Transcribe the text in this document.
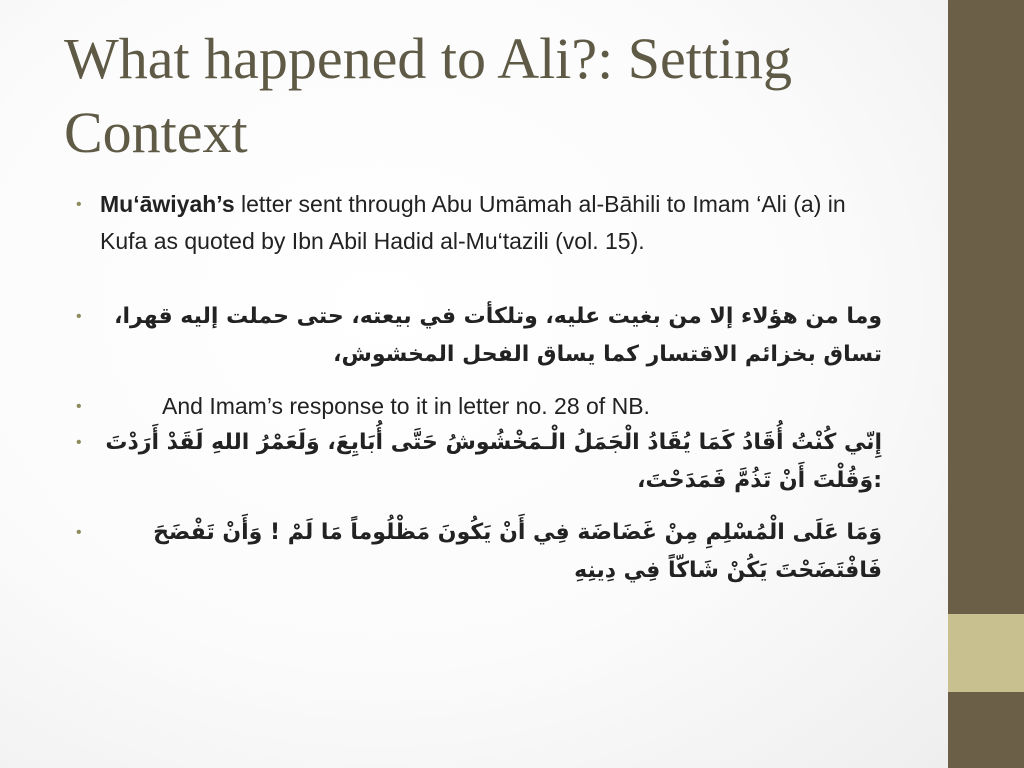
What happened to Ali?: Setting Context
• Mu‘āwiyah’s letter sent through Abu Umāmah al-Bāhili to Imam ‘Ali (a) in Kufa as quoted by Ibn Abil Hadid al-Mu‘tazili (vol. 15).
•	وما من هؤلاء إلا من بغيت عليه، وتلكأت في بيعته، حتى حملت إليه قهرا، تساق بخزائم الاقتسار كما يساق الفحل المخشوش،
•	And Imam’s response to it in letter no. 28 of NB.
• إِنّي كُنْتُ أُقَادُ كَمَا يُقَادُ الْجَمَلُ الْـمَخْشُوشُ حَتَّى أُبَايِعَ، وَلَعَمْرُ اللهِ لَقَدْ أَرَدْتَ :وَقُلْتَ أَنْ تَذُمَّ فَمَدَحْتَ،
•	وَمَا عَلَى الْمُسْلِمِ مِنْ غَضَاضَة فِي أَنْ يَكُونَ مَظْلُوماً مَا لَمْ ! وَأَنْ تَفْضَحَ فَافْتَضَحْتَ يَكُنْ شَاكّاً فِي دِينِهِ
